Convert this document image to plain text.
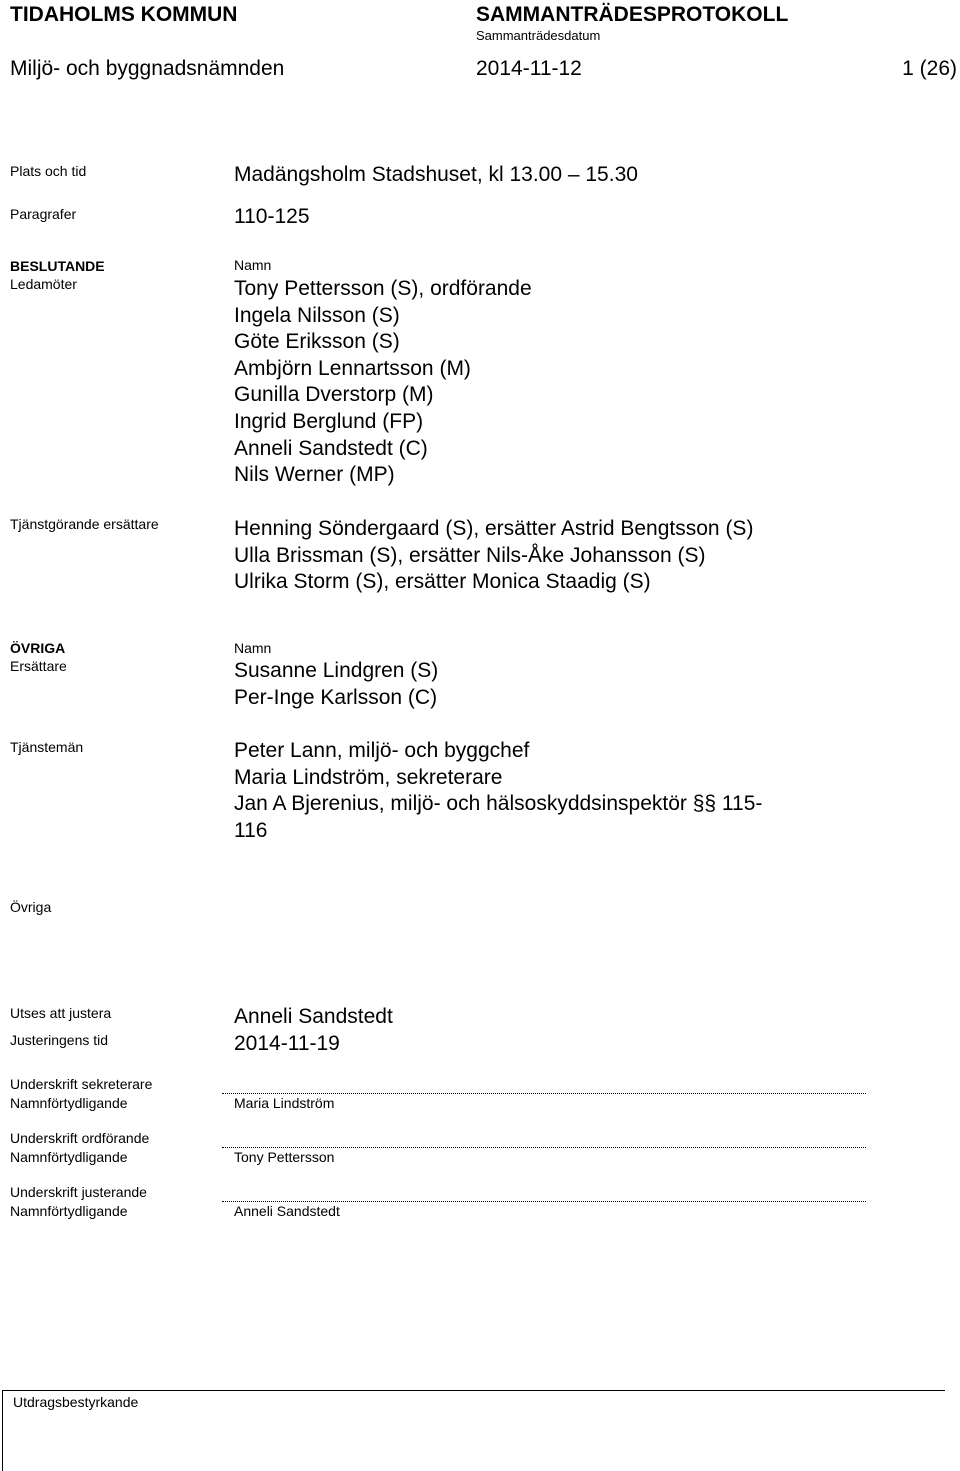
TIDAHOLMS KOMMUN	SAMMANTRÄDESPROTOKOLL
Sammanträdesdatum
Miljö- och byggnadsnämnden	2014-11-12	1 (26)
Plats och tid	Madängsholm Stadshuset, kl 13.00 – 15.30
Paragrafer	110-125
BESLUTANDE
Ledamöter
Namn
Tony Pettersson (S), ordförande
Ingela Nilsson (S)
Göte Eriksson (S)
Ambjörn Lennartsson (M)
Gunilla Dverstorp (M)
Ingrid Berglund (FP)
Anneli Sandstedt (C)
Nils Werner (MP)
Tjänstgörande ersättare	Henning Söndergaard (S), ersätter Astrid Bengtsson (S)
Ulla Brissman (S), ersätter Nils-Åke Johansson (S)
Ulrika Storm (S), ersätter Monica Staadig (S)
ÖVRIGA
Ersättare
Namn
Susanne Lindgren (S)
Per-Inge Karlsson (C)
Tjänstemän	Peter Lann, miljö- och byggchef
Maria Lindström, sekreterare
Jan A Bjerenius, miljö- och hälsoskyddsinspektör §§ 115-
116
Övriga
Utses att justera	Anneli Sandstedt
Justeringens tid	2014-11-19
Underskrift sekreterare
Namnförtydligande	Maria Lindström
Underskrift ordförande
Namnförtydligande	Tony Pettersson
Underskrift justerande
Namnförtydligande	Anneli Sandstedt
Utdragsbestyrkande
